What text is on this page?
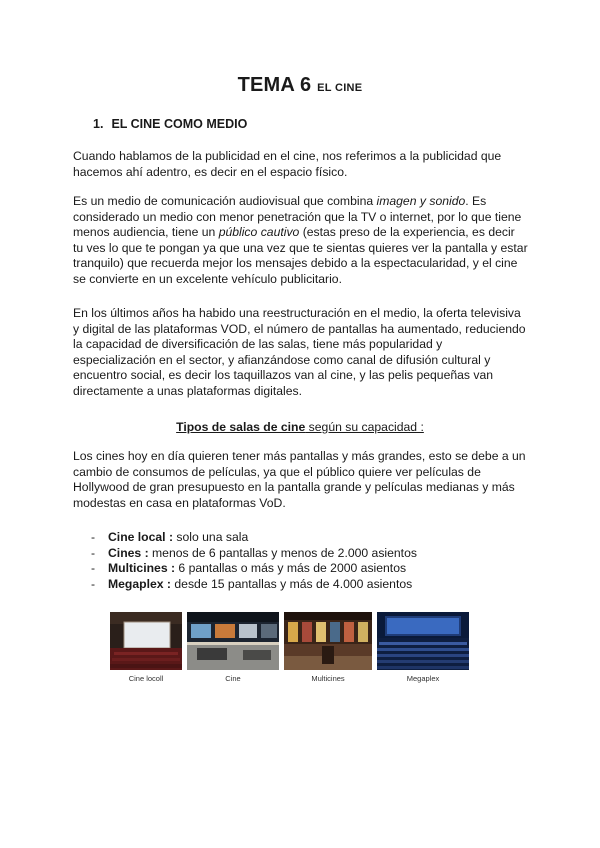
TEMA 6 EL CINE
1. EL CINE COMO MEDIO

Cuando hablamos de la publicidad en el cine, nos referimos a la publicidad que hacemos ahí adentro, es decir en el espacio físico.

Es un medio de comunicación audiovisual que combina imagen y sonido. Es considerado un medio con menor penetración que la TV o internet, por lo que tiene menos audiencia, tiene un público cautivo (estas preso de la experiencia, es decir tu ves lo que te pongan ya que una vez que te sientas quieres ver la pantalla y estar tranquilo) que recuerda mejor los mensajes debido a la espectacularidad, y el cine se convierte en un excelente vehículo publicitario.

En los últimos años ha habido una reestructuración en el medio, la oferta televisiva y digital de las plataformas VOD, el número de pantallas ha aumentado, reduciendo la capacidad de diversificación de las salas, tiene más popularidad y especialización en el sector, y afianzándose como canal de difusión cultural y encuentro social, es decir los taquillazos van al cine, y las pelis pequeñas van directamente a unas plataformas digitales.

Tipos de salas de cine según su capacidad :

Los cines hoy en día quieren tener más pantallas y más grandes, esto se debe a un cambio de consumos de películas, ya que el público quiere ver películas de Hollywood de gran presupuesto en la pantalla grande y películas medianas y más modestas en casa en plataformas VoD.

- Cine local : solo una sala
- Cines : menos de 6 pantallas y menos de 2.000 asientos
- Multicines : 6 pantallas o más y más de 2000 asientos
- Megaplex : desde 15 pantallas y más de 4.000 asientos
Cine locoll	Cine	Multicines	Megaplex
